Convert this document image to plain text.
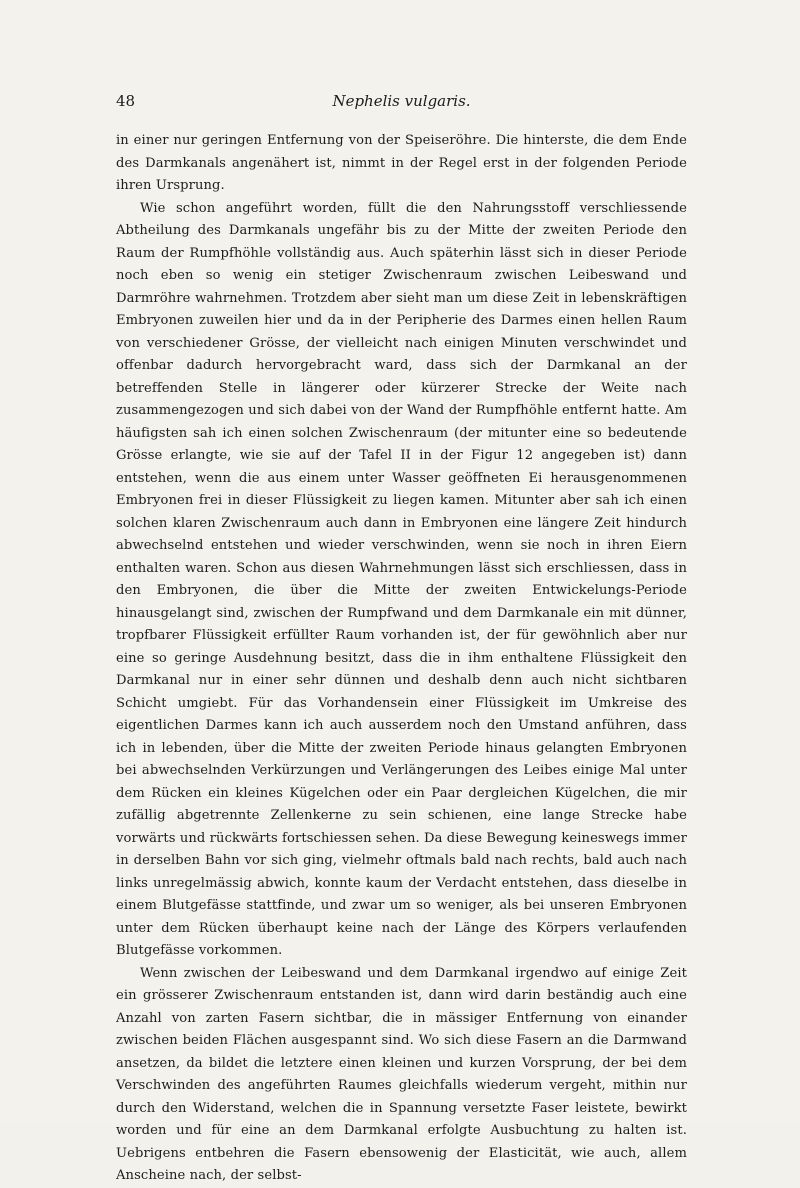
48	Nephelis vulgaris.

in einer nur geringen Entfernung von der Speiseröhre. Die hinterste, die dem Ende des Darmkanals angenähert ist, nimmt in der Regel erst in der folgenden Periode ihren Ursprung.

Wie schon angeführt worden, füllt die den Nahrungsstoff verschliessende Abtheilung des Darmkanals ungefähr bis zu der Mitte der zweiten Periode den Raum der Rumpfhöhle vollständig aus. Auch späterhin lässt sich in dieser Periode noch eben so wenig ein stetiger Zwischenraum zwischen Leibeswand und Darmröhre wahrnehmen. Trotzdem aber sieht man um diese Zeit in lebenskräftigen Embryonen zuweilen hier und da in der Peripherie des Darmes einen hellen Raum von verschiedener Grösse, der vielleicht nach einigen Minuten verschwindet und offenbar dadurch hervorgebracht ward, dass sich der Darmkanal an der betreffenden Stelle in längerer oder kürzerer Strecke der Weite nach zusammengezogen und sich dabei von der Wand der Rumpfhöhle entfernt hatte. Am häufigsten sah ich einen solchen Zwischenraum (der mitunter eine so bedeutende Grösse erlangte, wie sie auf der Tafel II in der Figur 12 angegeben ist) dann entstehen, wenn die aus einem unter Wasser geöffneten Ei herausgenommenen Embryonen frei in dieser Flüssigkeit zu liegen kamen. Mitunter aber sah ich einen solchen klaren Zwischenraum auch dann in Embryonen eine längere Zeit hindurch abwechselnd entstehen und wieder verschwinden, wenn sie noch in ihren Eiern enthalten waren. Schon aus diesen Wahrnehmungen lässt sich erschliessen, dass in den Embryonen, die über die Mitte der zweiten Entwickelungs-Periode hinausgelangt sind, zwischen der Rumpfwand und dem Darmkanale ein mit dünner, tropfbarer Flüssigkeit erfüllter Raum vorhanden ist, der für gewöhnlich aber nur eine so geringe Ausdehnung besitzt, dass die in ihm enthaltene Flüssigkeit den Darmkanal nur in einer sehr dünnen und deshalb denn auch nicht sichtbaren Schicht umgiebt. Für das Vorhandensein einer Flüssigkeit im Umkreise des eigentlichen Darmes kann ich auch ausserdem noch den Umstand anführen, dass ich in lebenden, über die Mitte der zweiten Periode hinaus gelangten Embryonen bei abwechselnden Verkürzungen und Verlängerungen des Leibes einige Mal unter dem Rücken ein kleines Kügelchen oder ein Paar dergleichen Kügelchen, die mir zufällig abgetrennte Zellenkerne zu sein schienen, eine lange Strecke habe vorwärts und rückwärts fortschiessen sehen. Da diese Bewegung keineswegs immer in derselben Bahn vor sich ging, vielmehr oftmals bald nach rechts, bald auch nach links unregelmässig abwich, konnte kaum der Verdacht entstehen, dass dieselbe in einem Blutgefässe stattfinde, und zwar um so weniger, als bei unseren Embryonen unter dem Rücken überhaupt keine nach der Länge des Körpers verlaufenden Blutgefässe vorkommen.

Wenn zwischen der Leibeswand und dem Darmkanal irgendwo auf einige Zeit ein grösserer Zwischenraum entstanden ist, dann wird darin beständig auch eine Anzahl von zarten Fasern sichtbar, die in mässiger Entfernung von einander zwischen beiden Flächen ausgespannt sind. Wo sich diese Fasern an die Darmwand ansetzen, da bildet die letztere einen kleinen und kurzen Vorsprung, der bei dem Verschwinden des angeführten Raumes gleichfalls wiederum vergeht, mithin nur durch den Widerstand, welchen die in Spannung versetzte Faser leistete, bewirkt worden und für eine an dem Darmkanal erfolgte Ausbuchtung zu halten ist. Uebrigens entbehren die Fasern ebensowenig der Elasticität, wie auch, allem Anscheine nach, der selbst-
